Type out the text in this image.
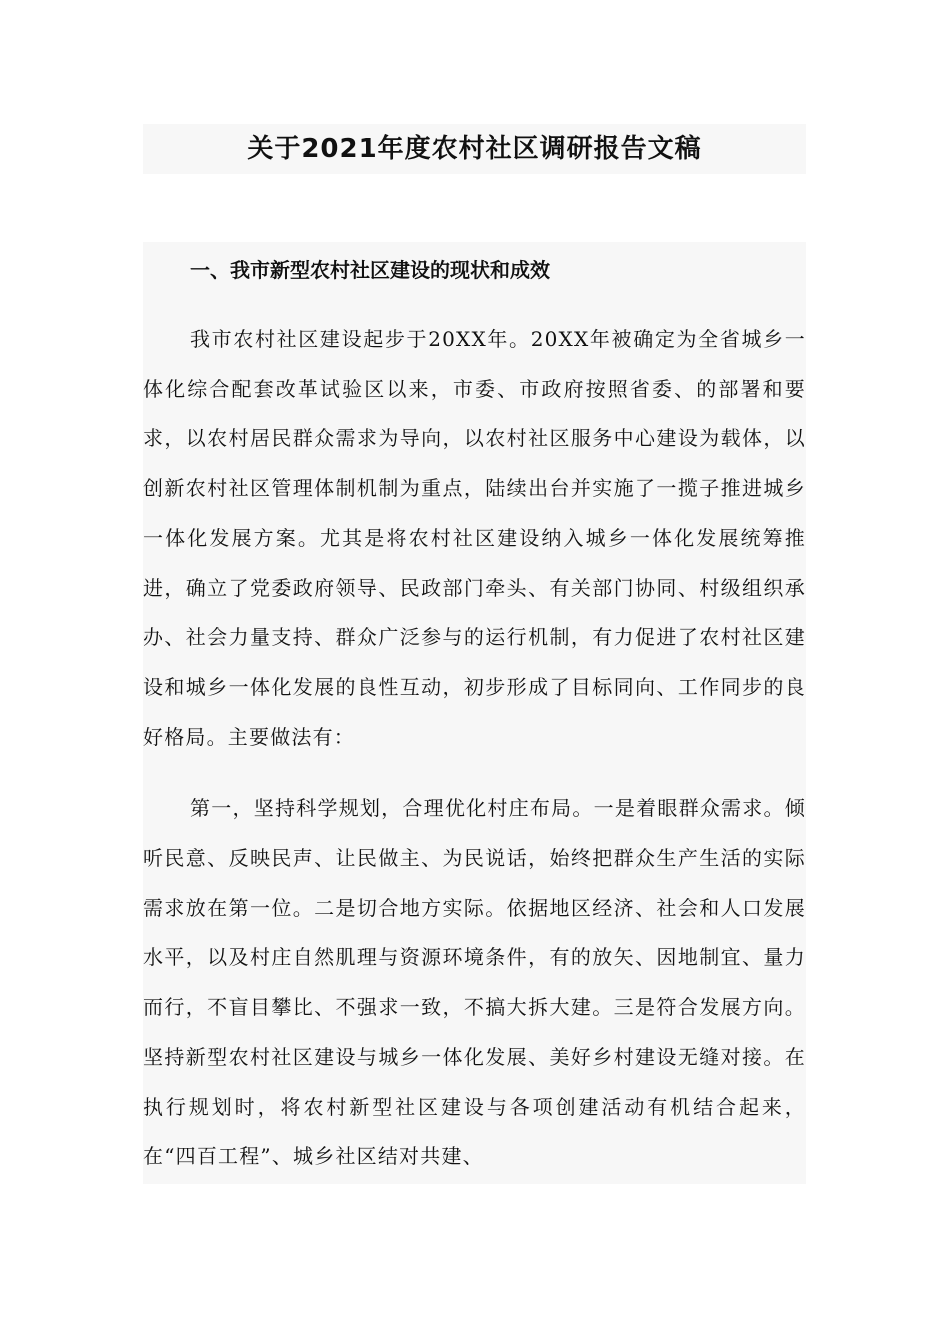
关于2021年度农村社区调研报告文稿
一、我市新型农村社区建设的现状和成效

我市农村社区建设起步于20XX年。20XX年被确定为全省城乡一体化综合配套改革试验区以来，市委、市政府按照省委、的部署和要求，以农村居民群众需求为导向，以农村社区服务中心建设为载体，以创新农村社区管理体制机制为重点，陆续出台并实施了一揽子推进城乡一体化发展方案。尤其是将农村社区建设纳入城乡一体化发展统筹推进，确立了党委政府领导、民政部门牵头、有关部门协同、村级组织承办、社会力量支持、群众广泛参与的运行机制，有力促进了农村社区建设和城乡一体化发展的良性互动，初步形成了目标同向、工作同步的良好格局。主要做法有：

第一，坚持科学规划，合理优化村庄布局。一是着眼群众需求。倾听民意、反映民声、让民做主、为民说话，始终把群众生产生活的实际需求放在第一位。二是切合地方实际。依据地区经济、社会和人口发展水平，以及村庄自然肌理与资源环境条件，有的放矢、因地制宜、量力而行，不盲目攀比、不强求一致，不搞大拆大建。三是符合发展方向。坚持新型农村社区建设与城乡一体化发展、美好乡村建设无缝对接。在执行规划时，将农村新型社区建设与各项创建活动有机结合起来，在“四百工程”、城乡社区结对共建、
